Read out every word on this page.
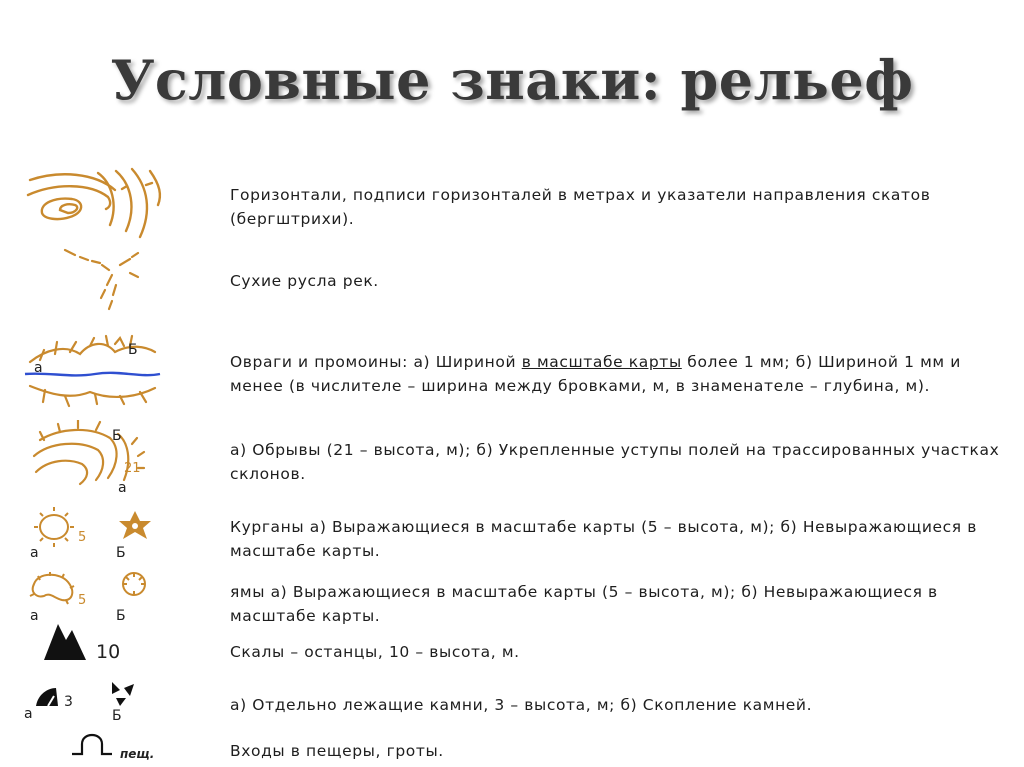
Условные знаки: рельеф
Горизонтали, подписи горизонталей в метрах и указатели направления скатов (бергштрихи).
Сухие русла рек.
а
Б
Овраги и промоины: а) Шириной в масштабе карты более 1 мм; б) Шириной 1 мм и менее (в числителе – ширина между бровками, м, в знаменателе – глубина, м).
21
а
Б
а) Обрывы (21 – высота, м); б) Укрепленные уступы полей на трассированных участках склонов.
5
а	Б
Курганы а) Выражающиеся в масштабе карты (5 – высота, м); б) Невыражающиеся в масштабе карты.
5
а	Б
ямы а) Выражающиеся в масштабе карты (5 – высота, м); б) Невыражающиеся в масштабе карты.
10	Скалы – останцы, 10 – высота, м.
3
а	Б
а) Отдельно лежащие камни, 3 – высота, м; б) Скопление камней.
пещ.	Входы в пещеры, гроты.
